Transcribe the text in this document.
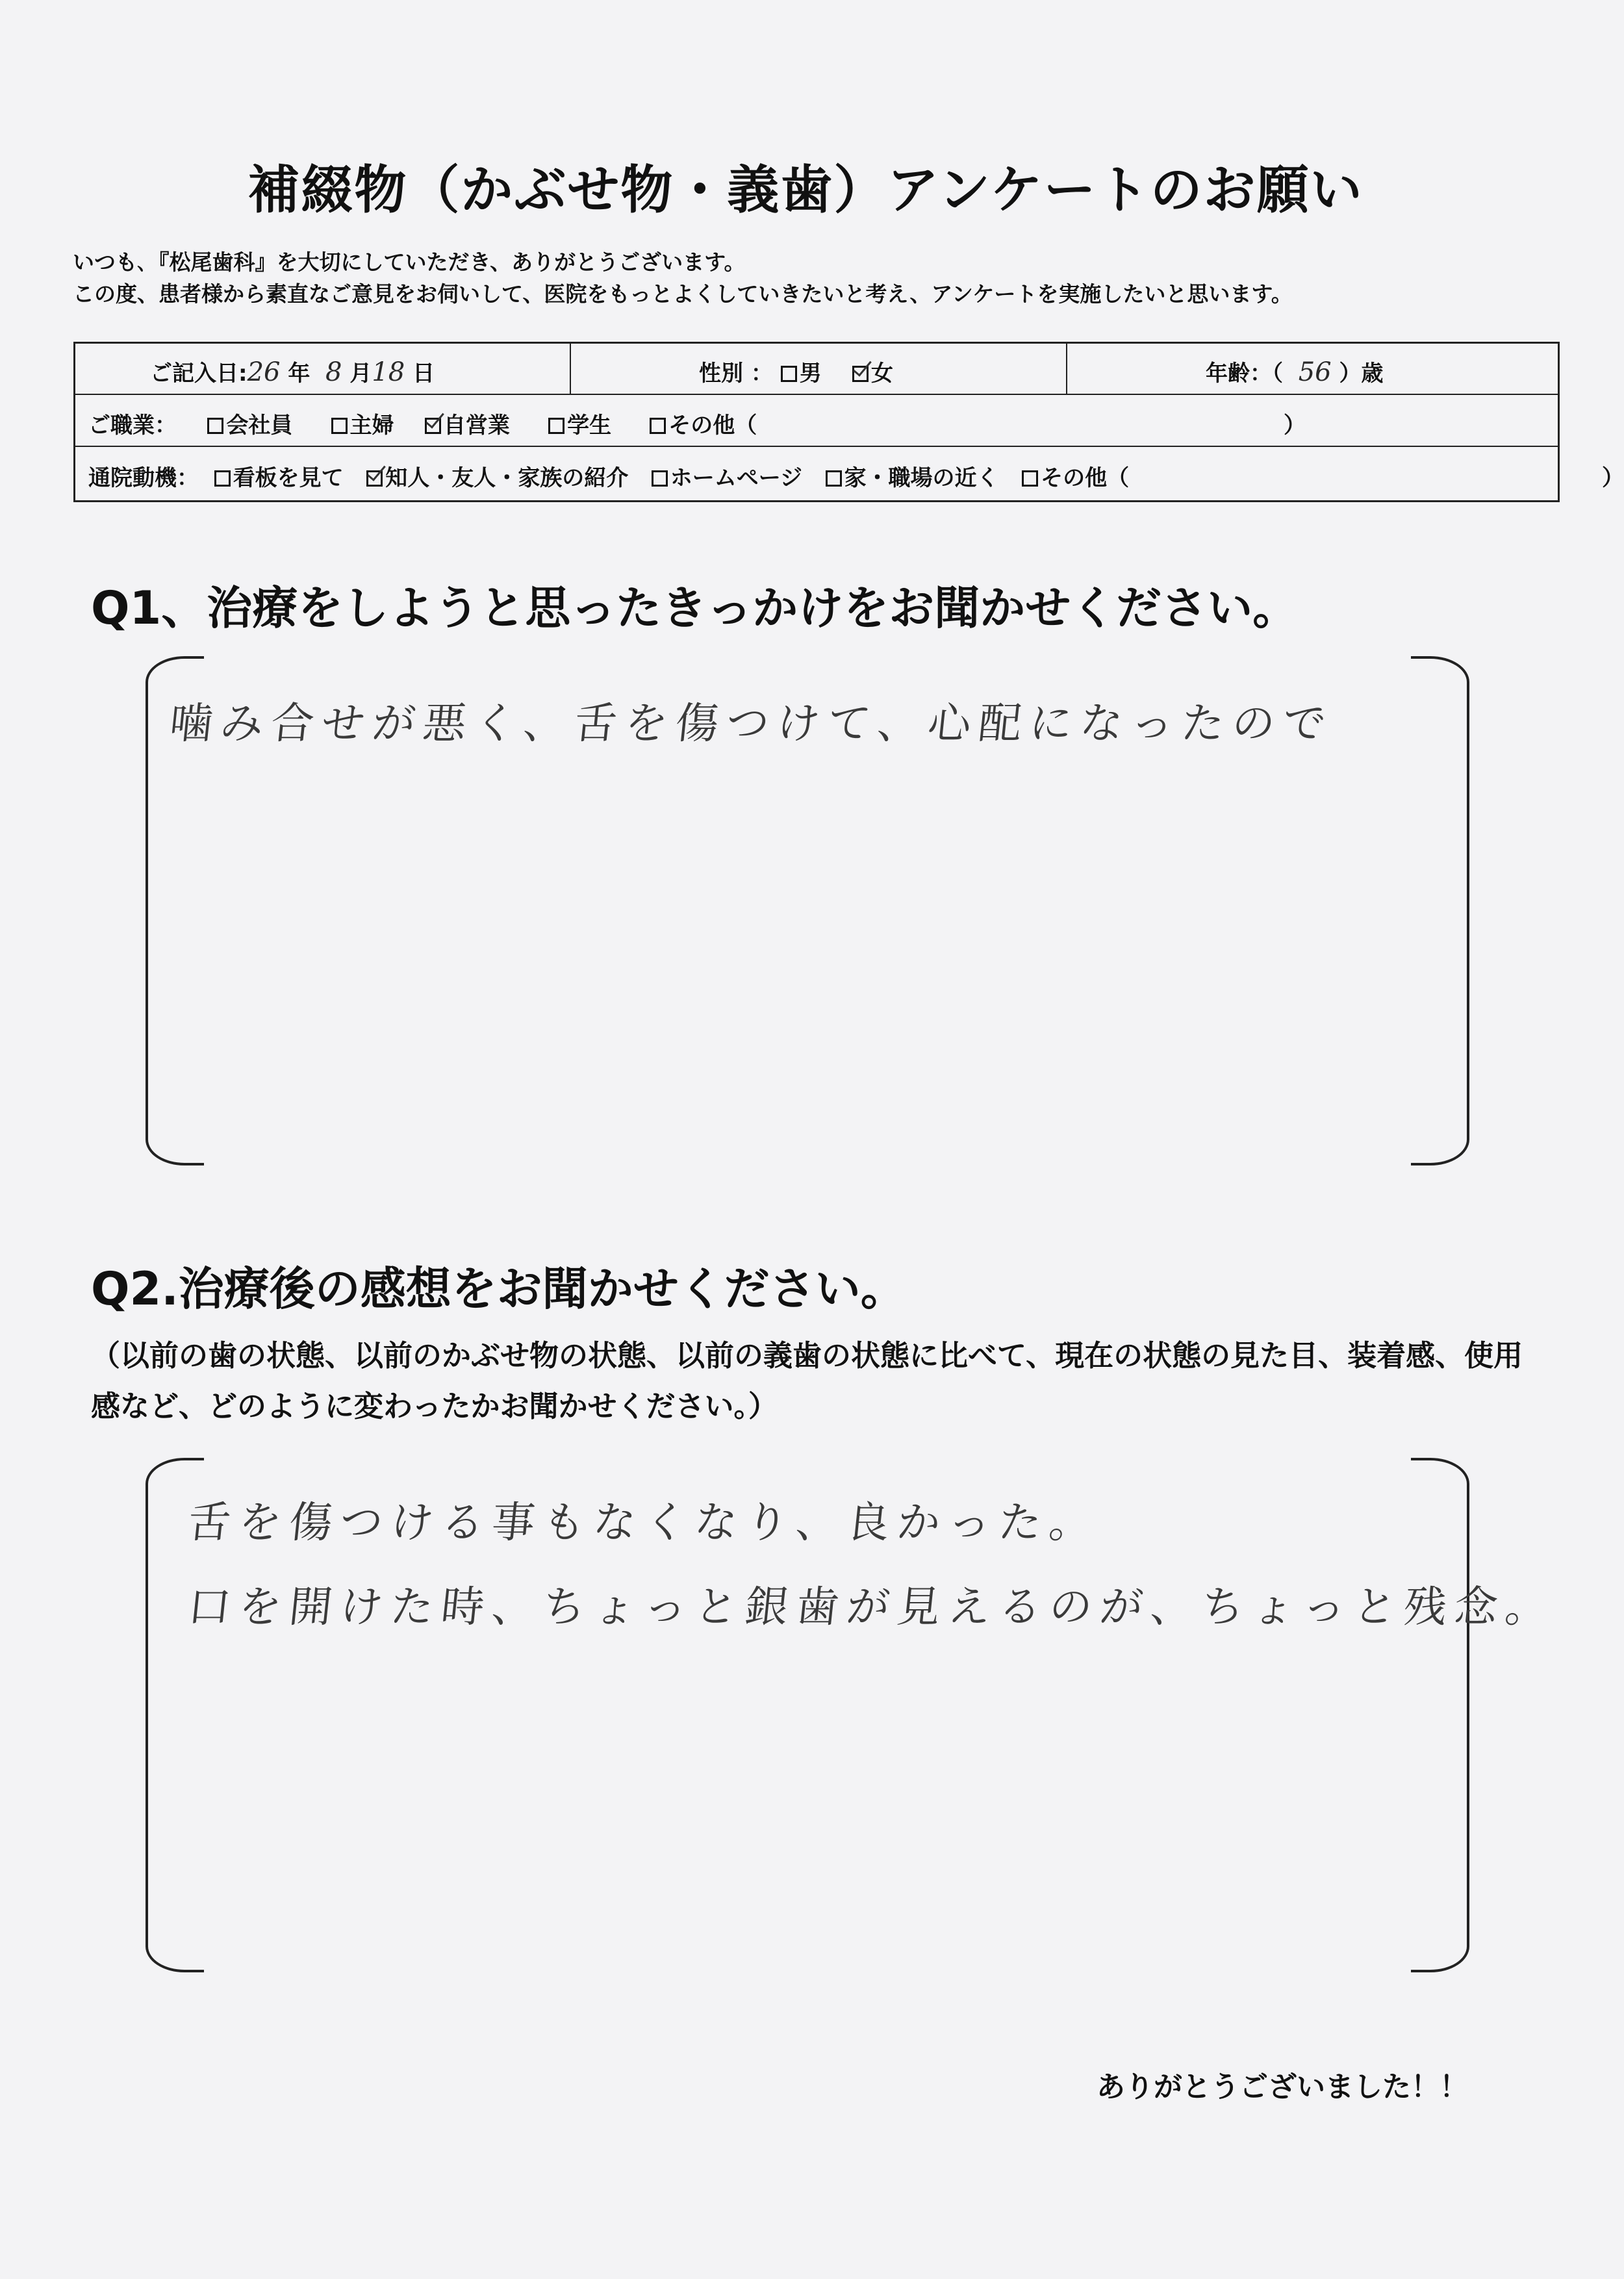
補綴物（かぶせ物・義歯）アンケートのお願い
いつも､『松尾歯科』を大切にしていただき、ありがとうございます。
この度、患者様から素直なご意見をお伺いして、医院をもっとよくしていきたいと考え、アンケートを実施したいと思います。
ご記入日:26 年 8 月18 日	性別 ： 男 女	年齢：（ 56 ）歳
ご職業： 会社員	主婦 自営業	学生	その他（	）
通院動機： 看板を見て 知人・友人・家族の紹介 ホームページ 家・職場の近く その他（	）
Q1、治療をしようと思ったきっかけをお聞かせください。
噛み合せが悪く、舌を傷つけて、心配になったので
Q2.治療後の感想をお聞かせください。
（以前の歯の状態、以前のかぶせ物の状態、以前の義歯の状態に比べて、現在の状態の見た目、装着感、使用感など、どのように変わったかお聞かせください。）
舌を傷つける事もなくなり、良かった。
口を開けた時、ちょっと銀歯が見えるのが、ちょっと残念。
ありがとうございました！！
